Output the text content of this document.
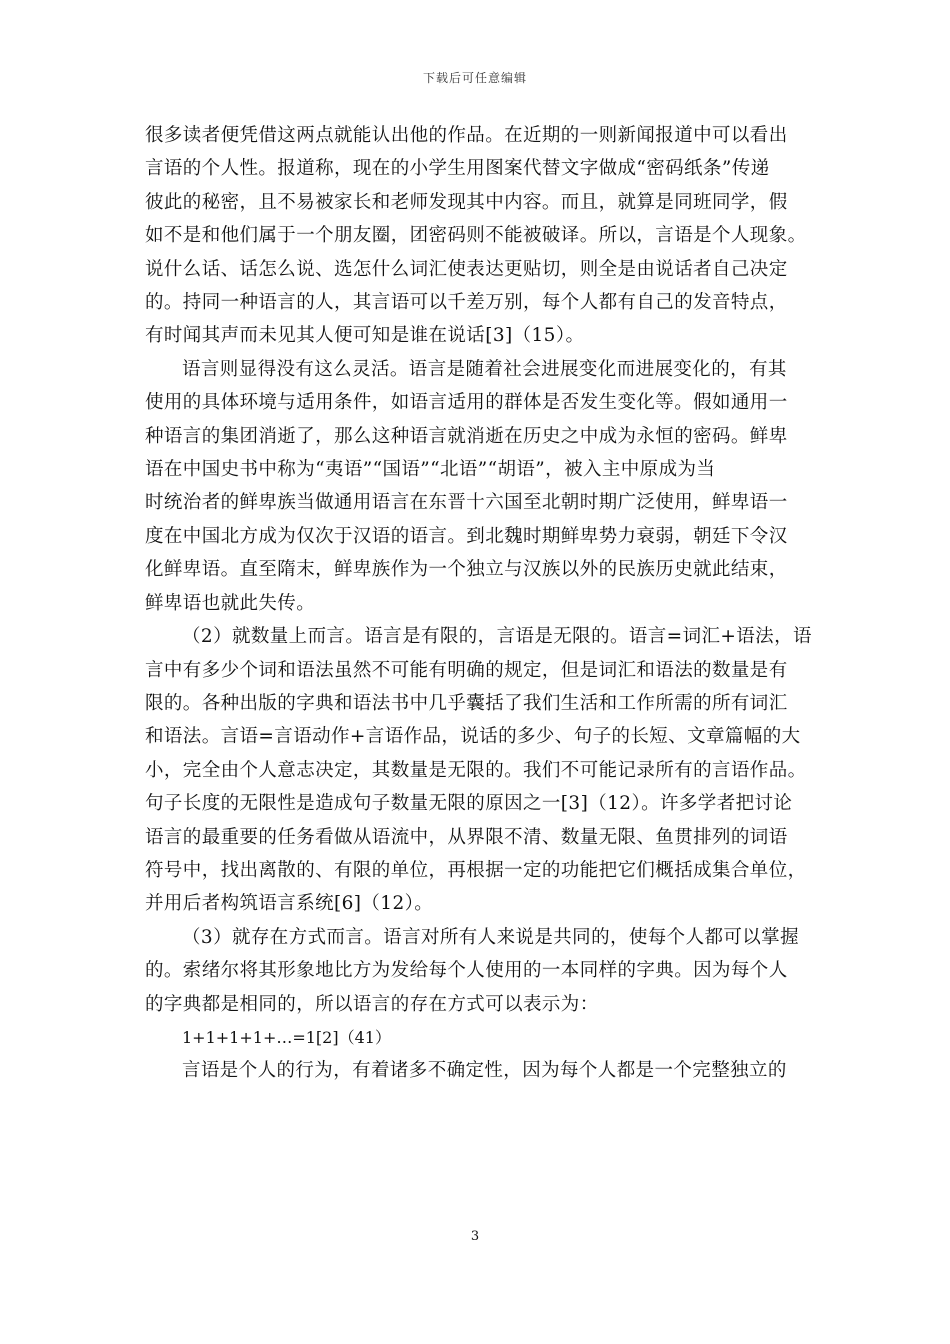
下载后可任意编辑

很多读者便凭借这两点就能认出他的作品。在近期的一则新闻报道中可以看出
言语的个人性。报道称，现在的小学生用图案代替文字做成“密码纸条”传递
彼此的秘密，且不易被家长和老师发现其中内容。而且，就算是同班同学，假
如不是和他们属于一个朋友圈，团密码则不能被破译。所以，言语是个人现象。
说什么话、话怎么说、选怎什么词汇使表达更贴切，则全是由说话者自己决定
的。持同一种语言的人，其言语可以千差万别，每个人都有自己的发音特点，
有时闻其声而未见其人便可知是谁在说话[3]（15）。

语言则显得没有这么灵活。语言是随着社会进展变化而进展变化的，有其
使用的具体环境与适用条件，如语言适用的群体是否发生变化等。假如通用一
种语言的集团消逝了，那么这种语言就消逝在历史之中成为永恒的密码。鲜卑
语在中国史书中称为“夷语”“国语”“北语”“胡语”，被入主中原成为当
时统治者的鲜卑族当做通用语言在东晋十六国至北朝时期广泛使用，鲜卑语一
度在中国北方成为仅次于汉语的语言。到北魏时期鲜卑势力衰弱，朝廷下令汉
化鲜卑语。直至隋末，鲜卑族作为一个独立与汉族以外的民族历史就此结束，
鲜卑语也就此失传。

（2）就数量上而言。语言是有限的，言语是无限的。语言=词汇+语法，语
言中有多少个词和语法虽然不可能有明确的规定，但是词汇和语法的数量是有
限的。各种出版的字典和语法书中几乎囊括了我们生活和工作所需的所有词汇
和语法。言语=言语动作+言语作品，说话的多少、句子的长短、文章篇幅的大
小，完全由个人意志决定，其数量是无限的。我们不可能记录所有的言语作品。
句子长度的无限性是造成句子数量无限的原因之一[3]（12）。许多学者把讨论
语言的最重要的任务看做从语流中，从界限不清、数量无限、鱼贯排列的词语
符号中，找出离散的、有限的单位，再根据一定的功能把它们概括成集合单位，
并用后者构筑语言系统[6]（12）。

（3）就存在方式而言。语言对所有人来说是共同的，使每个人都可以掌握
的。索绪尔将其形象地比方为发给每个人使用的一本同样的字典。因为每个人
的字典都是相同的，所以语言的存在方式可以表示为：

1+1+1+1+…=1[2]（41）

言语是个人的行为，有着诸多不确定性，因为每个人都是一个完整独立的

3
